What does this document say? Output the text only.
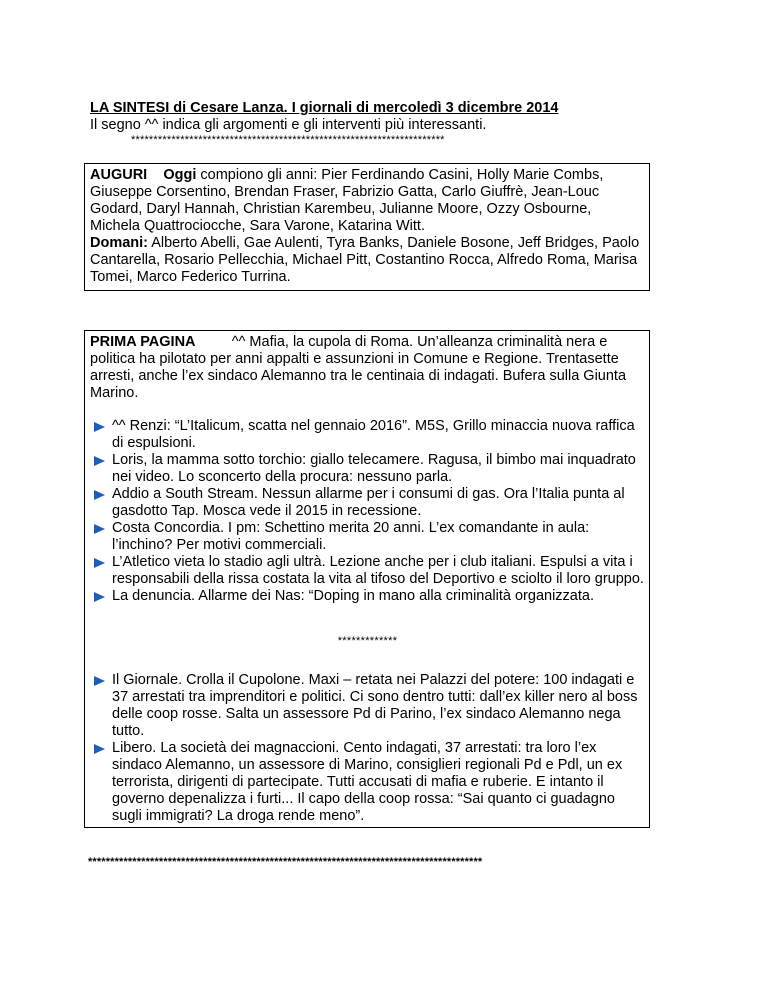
LA SINTESI di Cesare Lanza. I giornali di mercoledì 3 dicembre 2014
Il segno ^^ indica gli argomenti e gli interventi più interessanti.
**********************************************************************

AUGURI Oggi compiono gli anni: Pier Ferdinando Casini, Holly Marie Combs, Giuseppe Corsentino, Brendan Fraser, Fabrizio Gatta, Carlo Giuffrè, Jean-Louc Godard, Daryl Hannah, Christian Karembeu, Julianne Moore, Ozzy Osbourne, Michela Quattrociocche, Sara Varone, Katarina Witt.

Domani: Alberto Abelli, Gae Aulenti, Tyra Banks, Daniele Bosone, Jeff Bridges, Paolo Cantarella, Rosario Pellecchia, Michael Pitt, Costantino Rocca, Alfredo Roma, Marisa Tomei, Marco Federico Turrina.

PRIMA PAGINA	^^ Mafia, la cupola di Roma. Un’alleanza criminalità nera e politica ha pilotato per anni appalti e assunzioni in Comune e Regione. Trentasette arresti, anche l’ex sindaco Alemanno tra le centinaia di indagati. Bufera sulla Giunta Marino.

^^ Renzi: “L’Italicum, scatta nel gennaio 2016”. M5S, Grillo minaccia nuova raffica di espulsioni.
Loris, la mamma sotto torchio: giallo telecamere. Ragusa, il bimbo mai inquadrato nei video. Lo sconcerto della procura: nessuno parla.
Addio a South Stream. Nessun allarme per i consumi di gas. Ora l’Italia punta al gasdotto Tap. Mosca vede il 2015 in recessione.
Costa Concordia. I pm: Schettino merita 20 anni. L’ex comandante in aula: l’inchino? Per motivi commerciali.
L’Atletico vieta lo stadio agli ultrà. Lezione anche per i club italiani. Espulsi a vita i responsabili della rissa costata la vita al tifoso del Deportivo e sciolto il loro gruppo.
La denuncia. Allarme dei Nas: “Doping in mano alla criminalità organizzata.
*************
Il Giornale. Crolla il Cupolone. Maxi – retata nei Palazzi del potere: 100 indagati e 37 arrestati tra imprenditori e politici. Ci sono dentro tutti: dall’ex killer nero al boss delle coop rosse. Salta un assessore Pd di Parino, l’ex sindaco Alemanno nega tutto.
Libero. La società dei magnaccioni. Cento indagati, 37 arrestati: tra loro l’ex sindaco Alemanno, un assessore di Marino, consiglieri regionali Pd e Pdl, un ex terrorista, dirigenti di partecipate. Tutti accusati di mafia e ruberie. E intanto il governo depenalizza i furti... Il capo della coop rossa: “Sai quanto ci guadagno sugli immigrati? La droga rende meno”.
*****************************************************************************************
